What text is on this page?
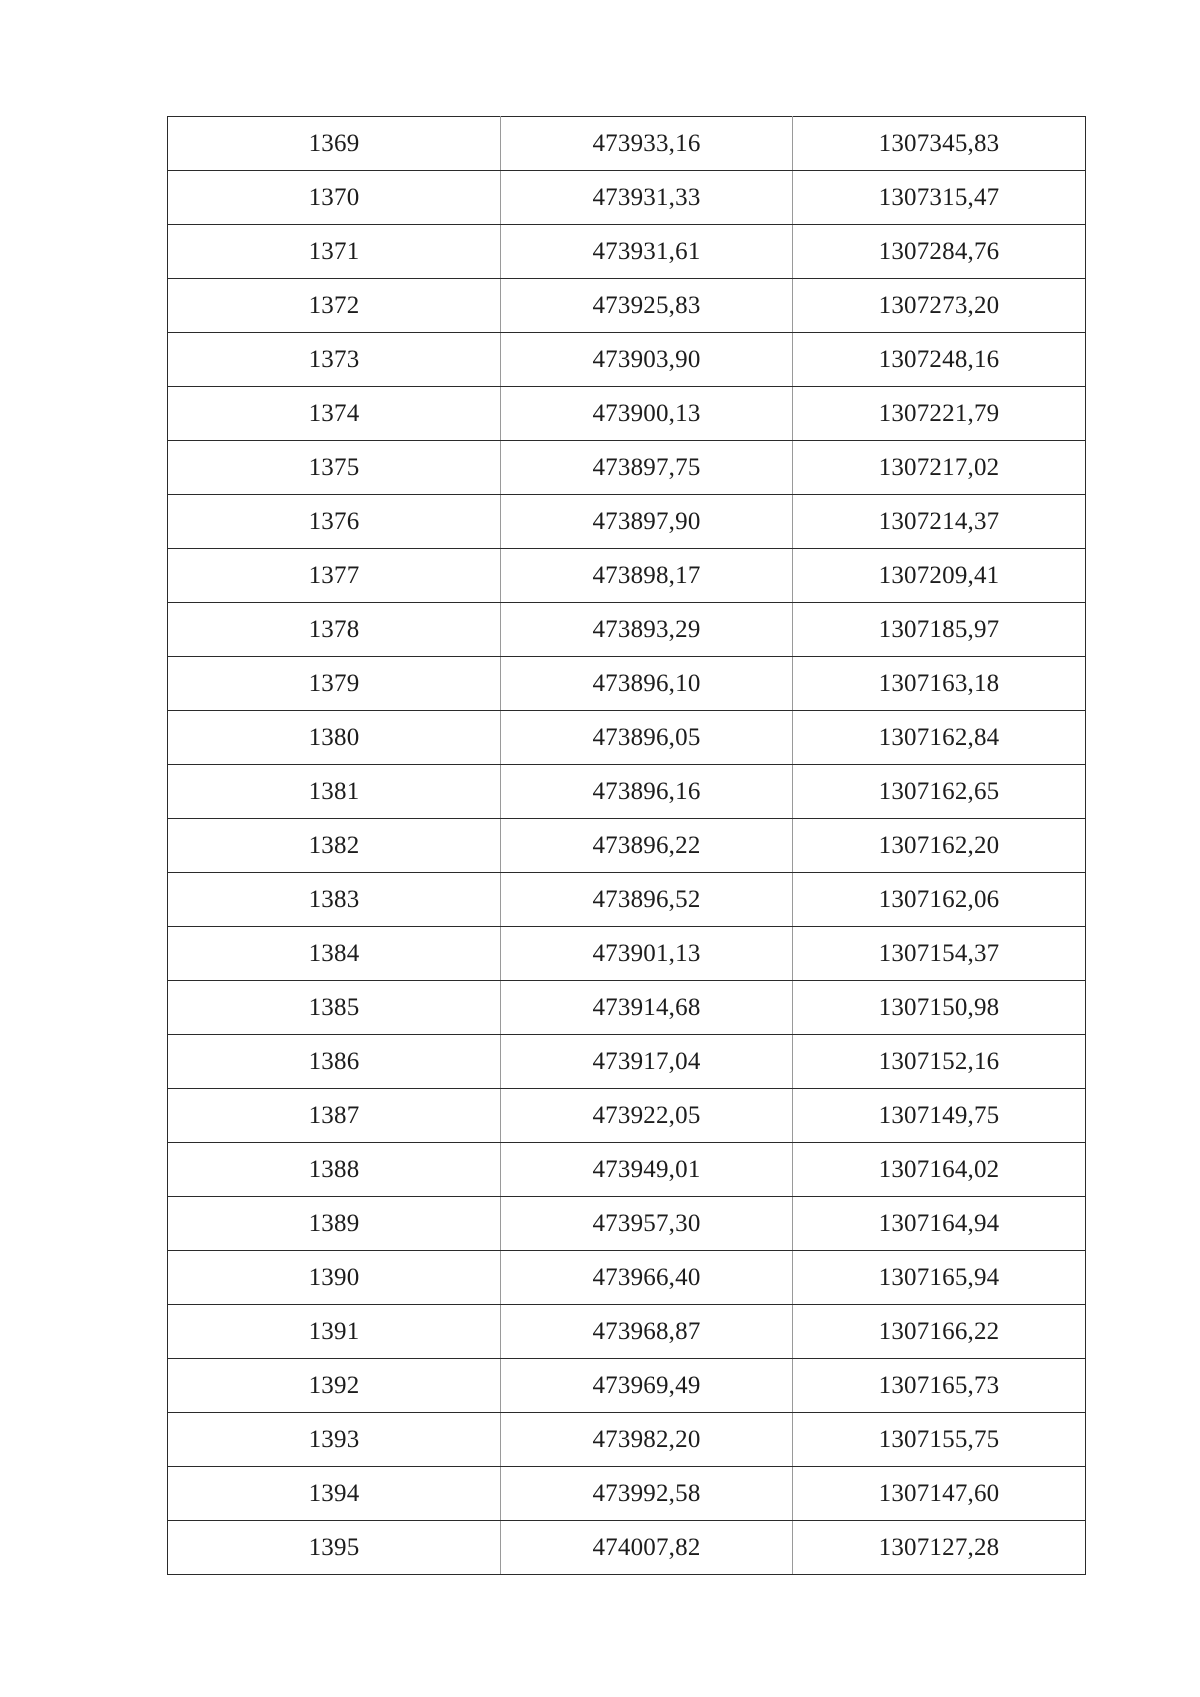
1369	473933,16	1307345,83
1370	473931,33	1307315,47
1371	473931,61	1307284,76
1372	473925,83	1307273,20
1373	473903,90	1307248,16
1374	473900,13	1307221,79
1375	473897,75	1307217,02
1376	473897,90	1307214,37
1377	473898,17	1307209,41
1378	473893,29	1307185,97
1379	473896,10	1307163,18
1380	473896,05	1307162,84
1381	473896,16	1307162,65
1382	473896,22	1307162,20
1383	473896,52	1307162,06
1384	473901,13	1307154,37
1385	473914,68	1307150,98
1386	473917,04	1307152,16
1387	473922,05	1307149,75
1388	473949,01	1307164,02
1389	473957,30	1307164,94
1390	473966,40	1307165,94
1391	473968,87	1307166,22
1392	473969,49	1307165,73
1393	473982,20	1307155,75
1394	473992,58	1307147,60
1395	474007,82	1307127,28
